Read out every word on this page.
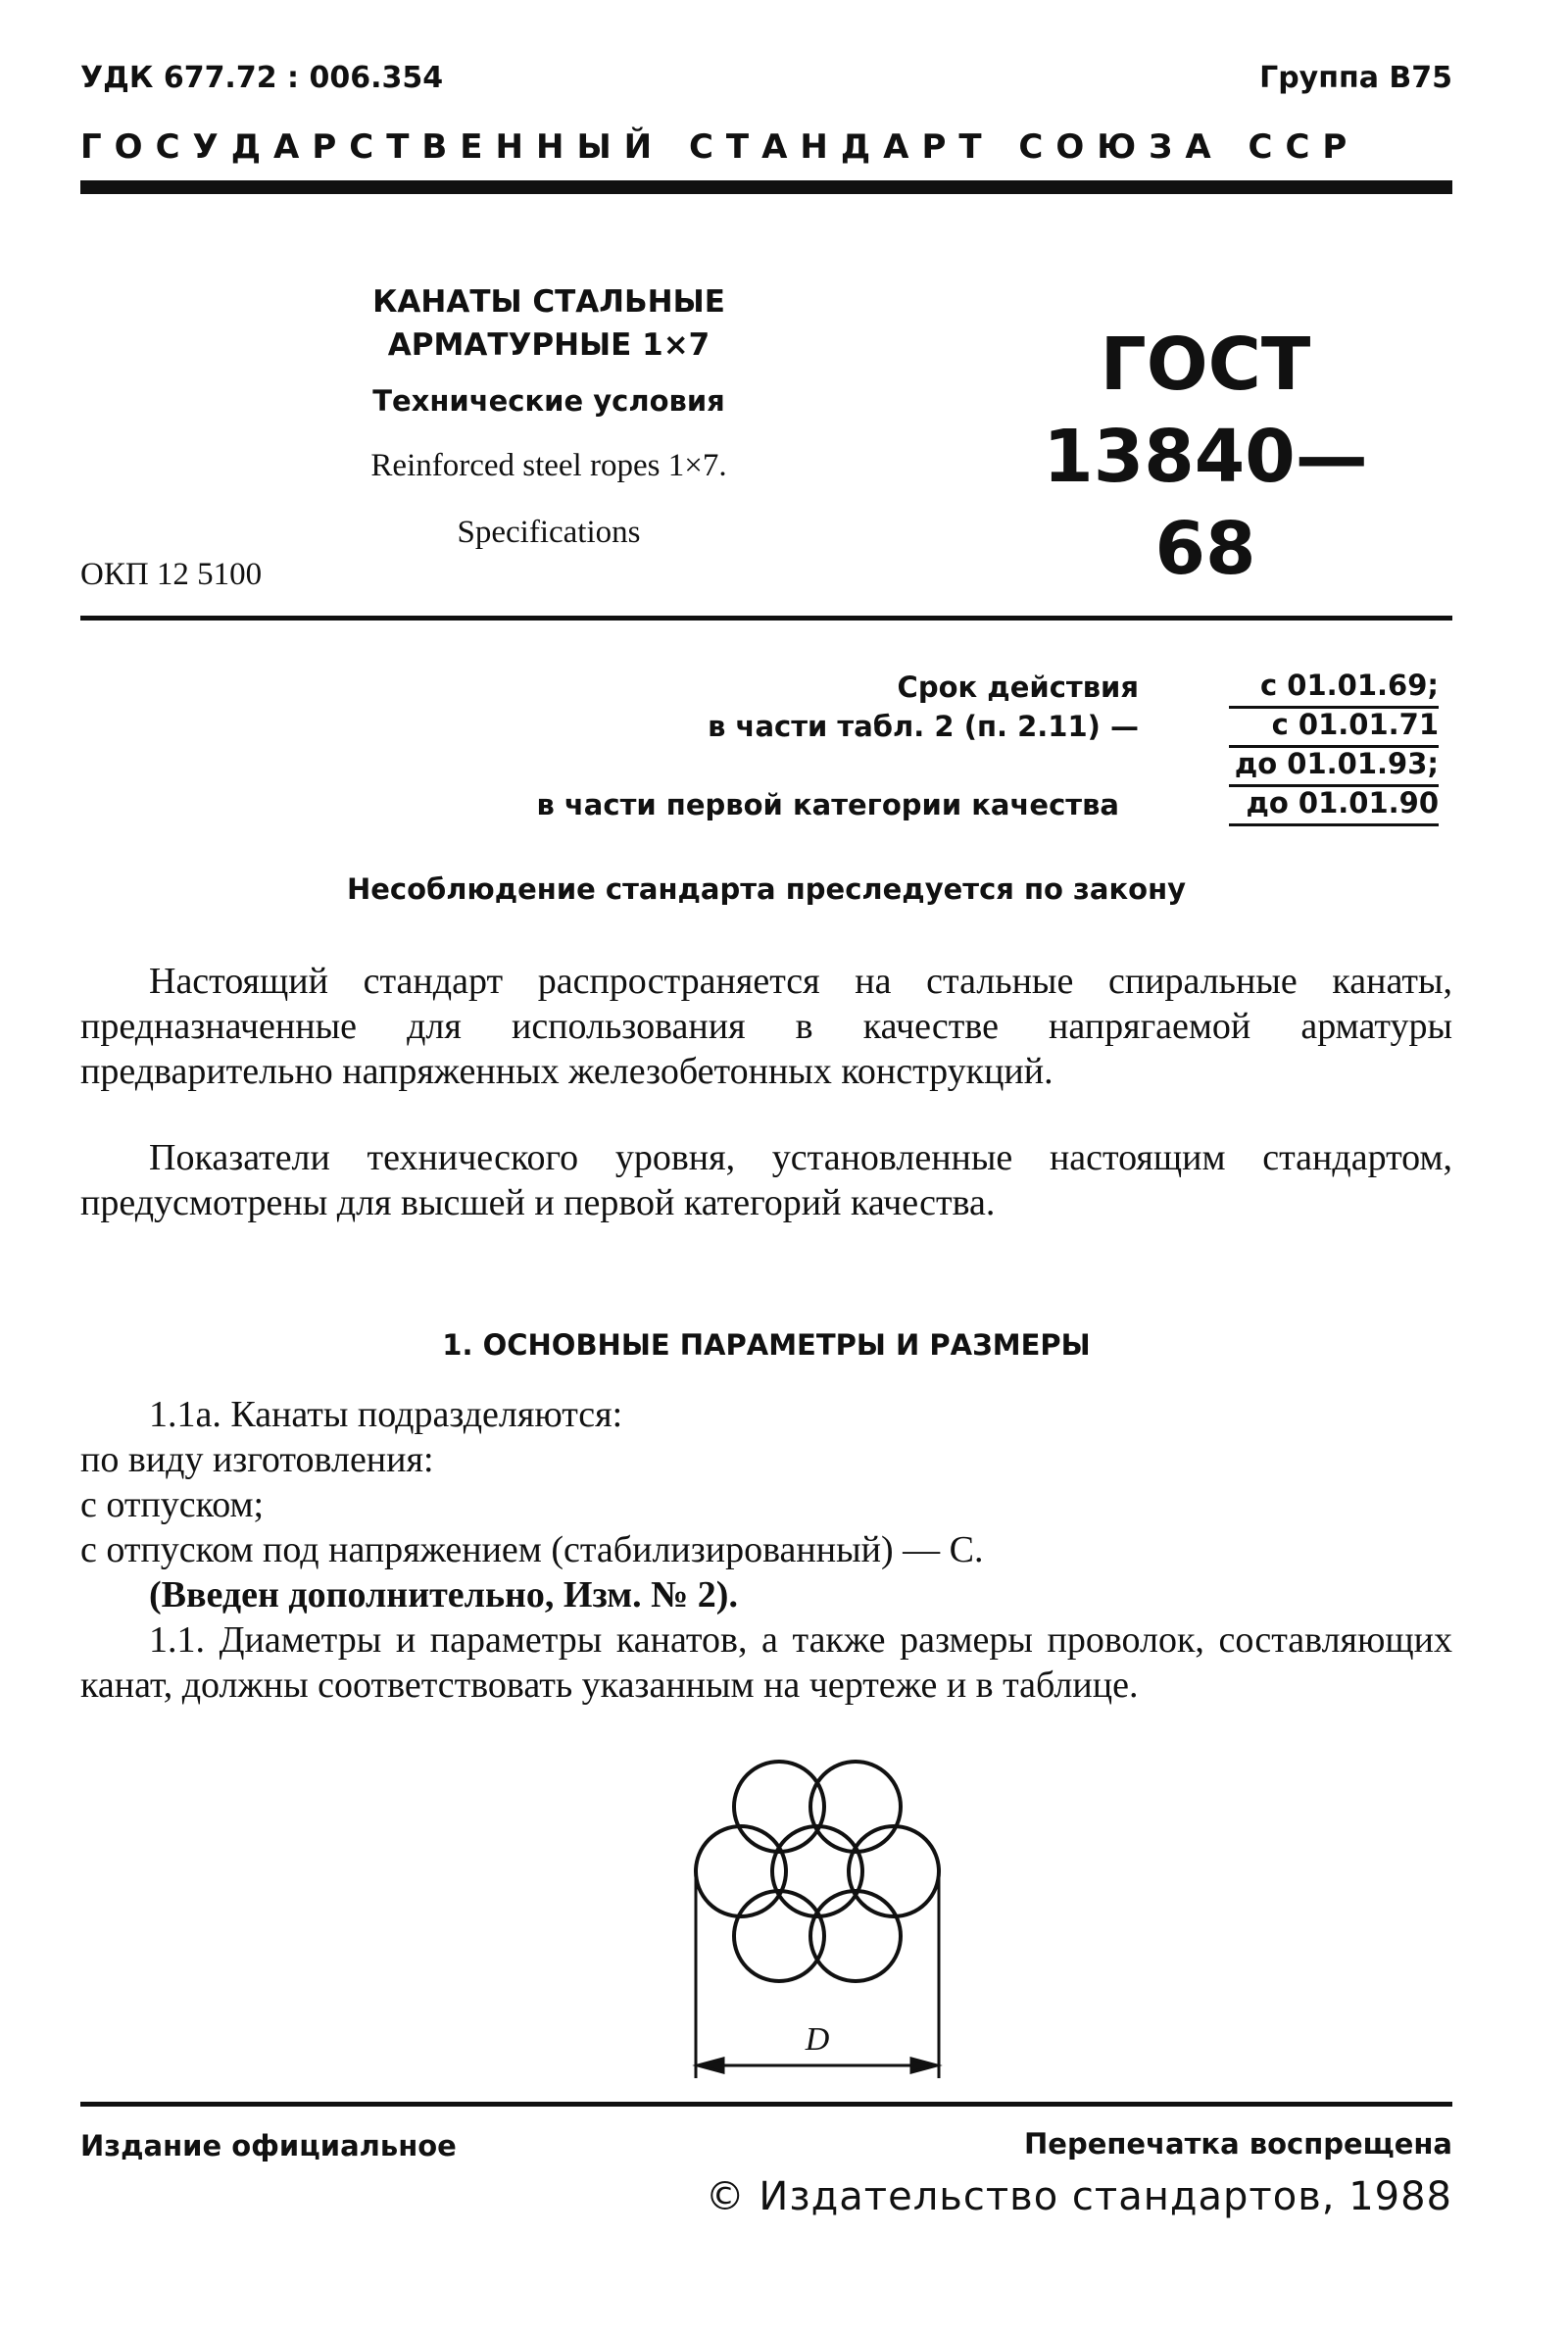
УДК 677.72 : 006.354	Группа В75
ГОСУДАРСТВЕННЫЙ СТАНДАРТ СОЮЗА ССР
КАНАТЫ СТАЛЬНЫЕ
АРМАТУРНЫЕ 1×7
Технические условия
Reinforced steel ropes 1×7.
Specifications
ГОСТ
13840—68
ОКП 12 5100
Срок действия	с 01.01.69;
в части табл. 2 (п. 2.11) —	с 01.01.71
до 01.01.93;
в части первой категории качества	до 01.01.90
Несоблюдение стандарта преследуется по закону

Настоящий стандарт распространяется на стальные спиральные канаты, предназначенные для использования в качестве напрягаемой арматуры предварительно напряженных железобетонных конструкций.

Показатели технического уровня, установленные настоящим стандартом, предусмотрены для высшей и первой категорий качества.

1. ОСНОВНЫЕ ПАРАМЕТРЫ И РАЗМЕРЫ
1.1а. Канаты подразделяются:
по виду изготовления:
с отпуском;
с отпуском под напряжением (стабилизированный) — С.
(Введен дополнительно, Изм. № 2).

1.1. Диаметры и параметры канатов, а также размеры проволок, составляющих канат, должны соответствовать указанным на чертеже и в таблице.

D
Издание официальное	Перепечатка воспрещена
© Издательство стандартов, 1988
